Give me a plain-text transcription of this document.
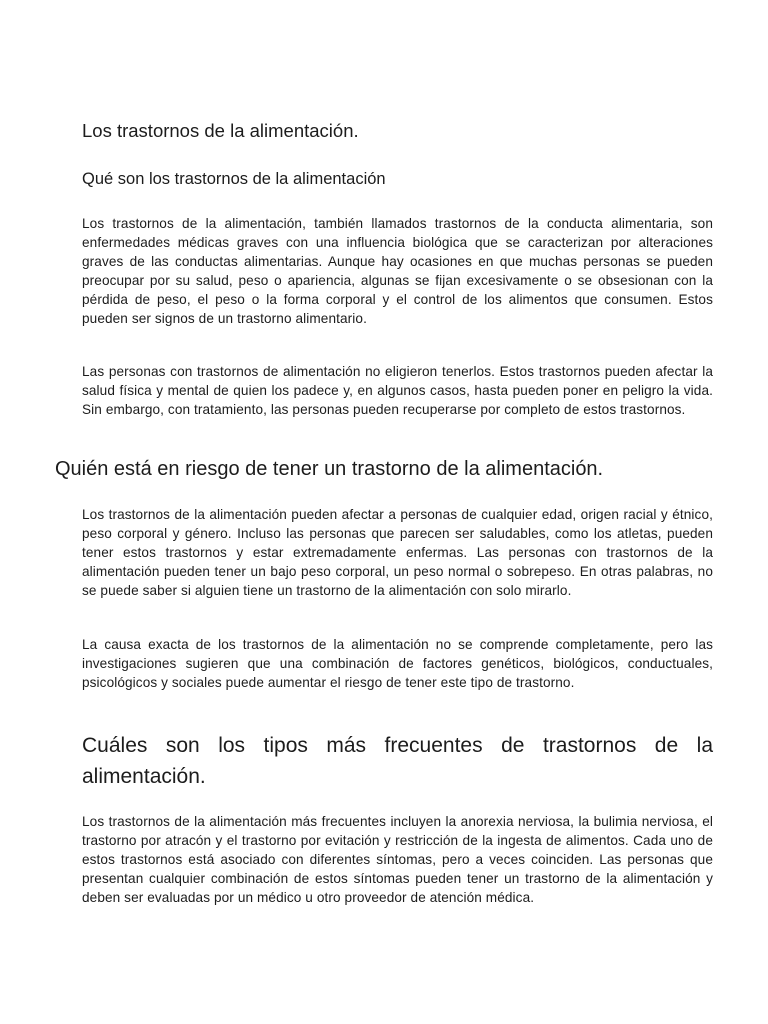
Los trastornos de la alimentación.
Qué son los trastornos de la alimentación

Los trastornos de la alimentación, también llamados trastornos de la conducta alimentaria, son enfermedades médicas graves con una influencia biológica que se caracterizan por alteraciones graves de las conductas alimentarias. Aunque hay ocasiones en que muchas personas se pueden preocupar por su salud, peso o apariencia, algunas se fijan excesivamente o se obsesionan con la pérdida de peso, el peso o la forma corporal y el control de los alimentos que consumen. Estos pueden ser signos de un trastorno alimentario.

Las personas con trastornos de alimentación no eligieron tenerlos. Estos trastornos pueden afectar la salud física y mental de quien los padece y, en algunos casos, hasta pueden poner en peligro la vida. Sin embargo, con tratamiento, las personas pueden recuperarse por completo de estos trastornos.

Quién está en riesgo de tener un trastorno de la alimentación.

Los trastornos de la alimentación pueden afectar a personas de cualquier edad, origen racial y étnico, peso corporal y género. Incluso las personas que parecen ser saludables, como los atletas, pueden tener estos trastornos y estar extremadamente enfermas. Las personas con trastornos de la alimentación pueden tener un bajo peso corporal, un peso normal o sobrepeso. En otras palabras, no se puede saber si alguien tiene un trastorno de la alimentación con solo mirarlo.

La causa exacta de los trastornos de la alimentación no se comprende completamente, pero las investigaciones sugieren que una combinación de factores genéticos, biológicos, conductuales, psicológicos y sociales puede aumentar el riesgo de tener este tipo de trastorno.

Cuáles son los tipos más frecuentes de trastornos de la alimentación.

Los trastornos de la alimentación más frecuentes incluyen la anorexia nerviosa, la bulimia nerviosa, el trastorno por atracón y el trastorno por evitación y restricción de la ingesta de alimentos. Cada uno de estos trastornos está asociado con diferentes síntomas, pero a veces coinciden. Las personas que presentan cualquier combinación de estos síntomas pueden tener un trastorno de la alimentación y deben ser evaluadas por un médico u otro proveedor de atención médica.
